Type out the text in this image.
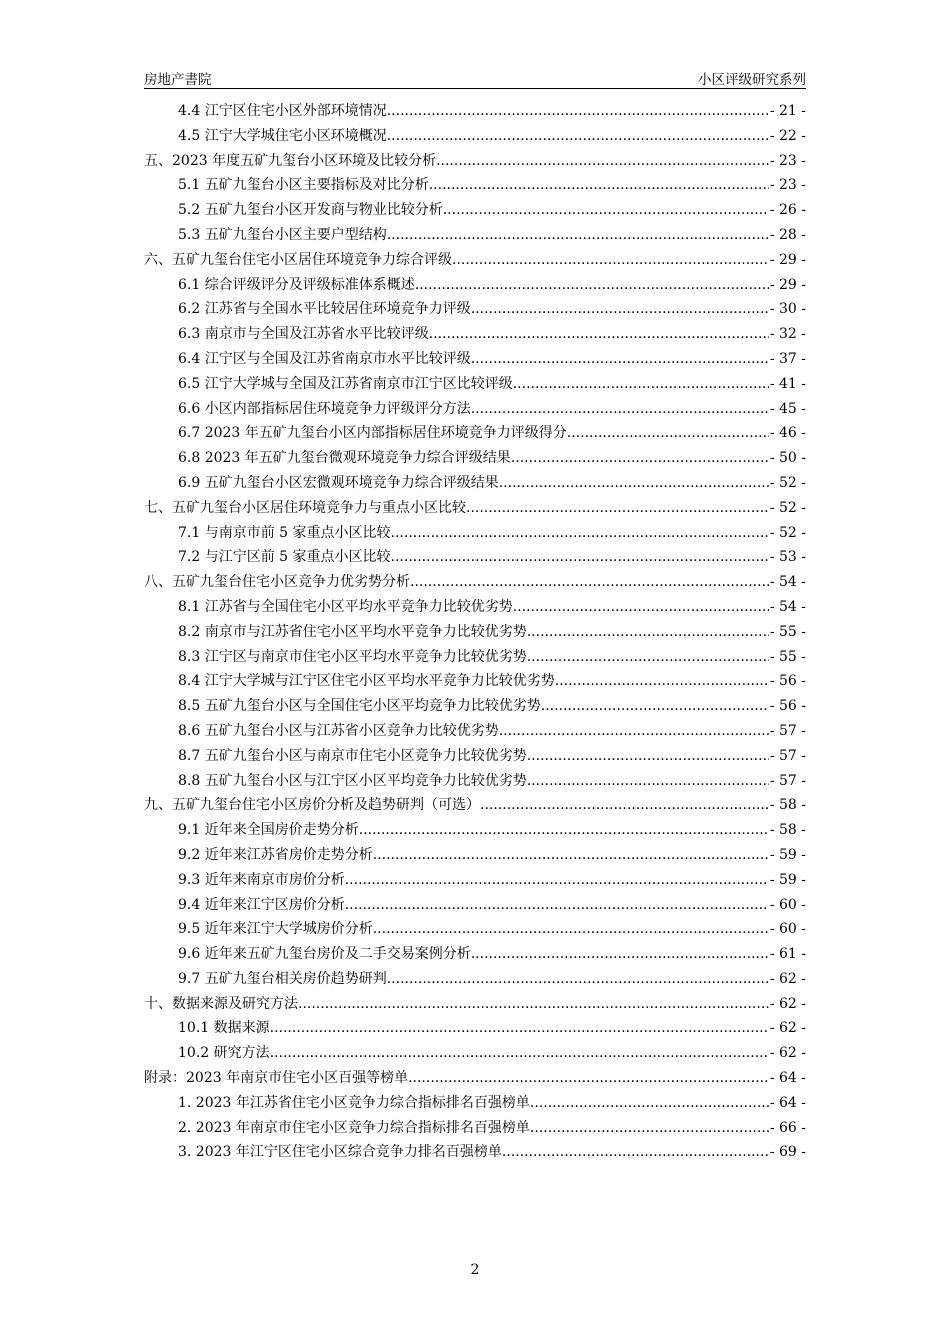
房地产書院	小区评级研究系列
4.4 江宁区住宅小区外部环境情况 .....	- 21 -
4.5 江宁大学城住宅小区环境概况 .....	- 22 -
五、2023 年度五矿九玺台小区环境及比较分析 .....	- 23 -
5.1 五矿九玺台小区主要指标及对比分析 .....	- 23 -
5.2 五矿九玺台小区开发商与物业比较分析 .....	- 26 -
5.3 五矿九玺台小区主要户型结构 .....	- 28 -
六、五矿九玺台住宅小区居住环境竞争力综合评级 .....	- 29 -
6.1 综合评级评分及评级标准体系概述 .....	- 29 -
6.2 江苏省与全国水平比较居住环境竞争力评级 .....	- 30 -
6.3 南京市与全国及江苏省水平比较评级 .....	- 32 -
6.4 江宁区与全国及江苏省南京市水平比较评级 .....	- 37 -
6.5 江宁大学城与全国及江苏省南京市江宁区比较评级 .....	- 41 -
6.6 小区内部指标居住环境竞争力评级评分方法 .....	- 45 -
6.7 2023 年五矿九玺台小区内部指标居住环境竞争力评级得分 .....	- 46 -
6.8 2023 年五矿九玺台微观环境竞争力综合评级结果 .....	- 50 -
6.9 五矿九玺台小区宏微观环境竞争力综合评级结果 .....	- 52 -
七、五矿九玺台小区居住环境竞争力与重点小区比较 .....	- 52 -
7.1 与南京市前 5 家重点小区比较 .....	- 52 -
7.2 与江宁区前 5 家重点小区比较 .....	- 53 -
八、五矿九玺台住宅小区竞争力优劣势分析 .....	- 54 -
8.1 江苏省与全国住宅小区平均水平竞争力比较优劣势 .....	- 54 -
8.2 南京市与江苏省住宅小区平均水平竞争力比较优劣势 .....	- 55 -
8.3 江宁区与南京市住宅小区平均水平竞争力比较优劣势 .....	- 55 -
8.4 江宁大学城与江宁区住宅小区平均水平竞争力比较优劣势 .....	- 56 -
8.5 五矿九玺台小区与全国住宅小区平均竞争力比较优劣势 .....	- 56 -
8.6 五矿九玺台小区与江苏省小区竞争力比较优劣势 .....	- 57 -
8.7 五矿九玺台小区与南京市住宅小区竞争力比较优劣势 .....	- 57 -
8.8 五矿九玺台小区与江宁区小区平均竞争力比较优劣势 .....	- 57 -
九、五矿九玺台住宅小区房价分析及趋势研判（可选） .....	- 58 -
9.1 近年来全国房价走势分析 .....	- 58 -
9.2 近年来江苏省房价走势分析 .....	- 59 -
9.3 近年来南京市房价分析 .....	- 59 -
9.4 近年来江宁区房价分析 .....	- 60 -
9.5 近年来江宁大学城房价分析 .....	- 60 -
9.6 近年来五矿九玺台房价及二手交易案例分析 .....	- 61 -
9.7 五矿九玺台相关房价趋势研判 .....	- 62 -
十、数据来源及研究方法 .....	- 62 -
10.1 数据来源 .....	- 62 -
10.2 研究方法 .....	- 62 -
附录：2023 年南京市住宅小区百强等榜单 .....	- 64 -
1. 2023 年江苏省住宅小区竞争力综合指标排名百强榜单 .....	- 64 -
2. 2023 年南京市住宅小区竞争力综合指标排名百强榜单 .....	- 66 -
3. 2023 年江宁区住宅小区综合竞争力排名百强榜单 .....	- 69 -
2
